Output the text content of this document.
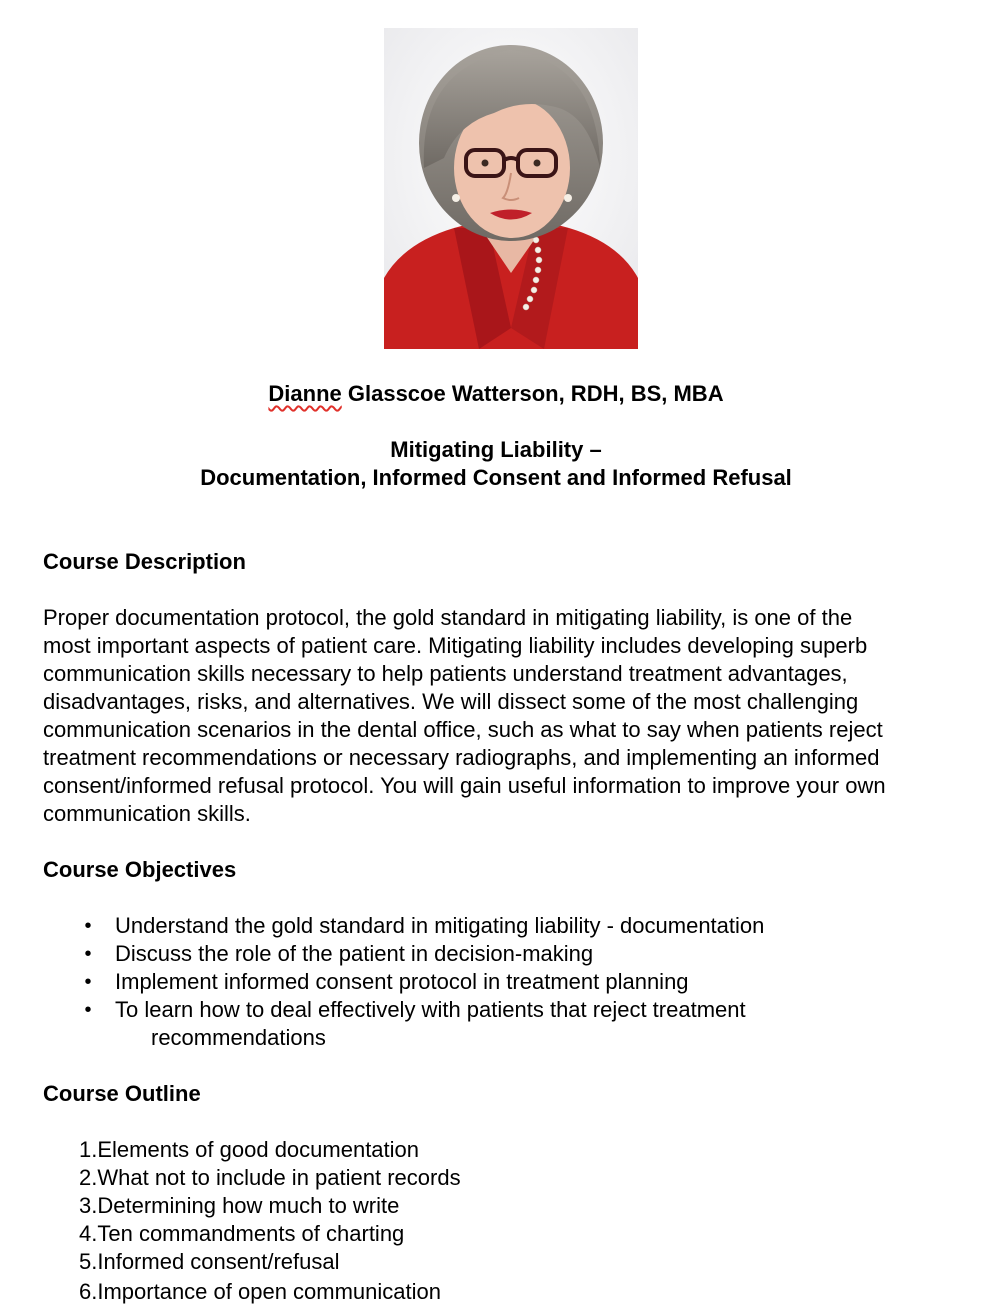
Dianne Glasscoe Watterson, RDH, BS, MBA
Mitigating Liability –
Documentation, Informed Consent and Informed Refusal
Course Description

Proper documentation protocol, the gold standard in mitigating liability, is one of the
most important aspects of patient care. Mitigating liability includes developing superb
communication skills necessary to help patients understand treatment advantages,
disadvantages, risks, and alternatives. We will dissect some of the most challenging
communication scenarios in the dental office, such as what to say when patients reject
treatment recommendations or necessary radiographs, and implementing an informed
consent/informed refusal protocol. You will gain useful information to improve your own
communication skills.

Course Objectives
• Understand the gold standard in mitigating liability - documentation
• Discuss the role of the patient in decision-making
• Implement informed consent protocol in treatment planning
• To learn how to deal effectively with patients that reject treatment
recommendations
Course Outline
1.Elements of good documentation
2.What not to include in patient records
3.Determining how much to write
4.Ten commandments of charting
5.Informed consent/refusal
6.Importance of open communication
